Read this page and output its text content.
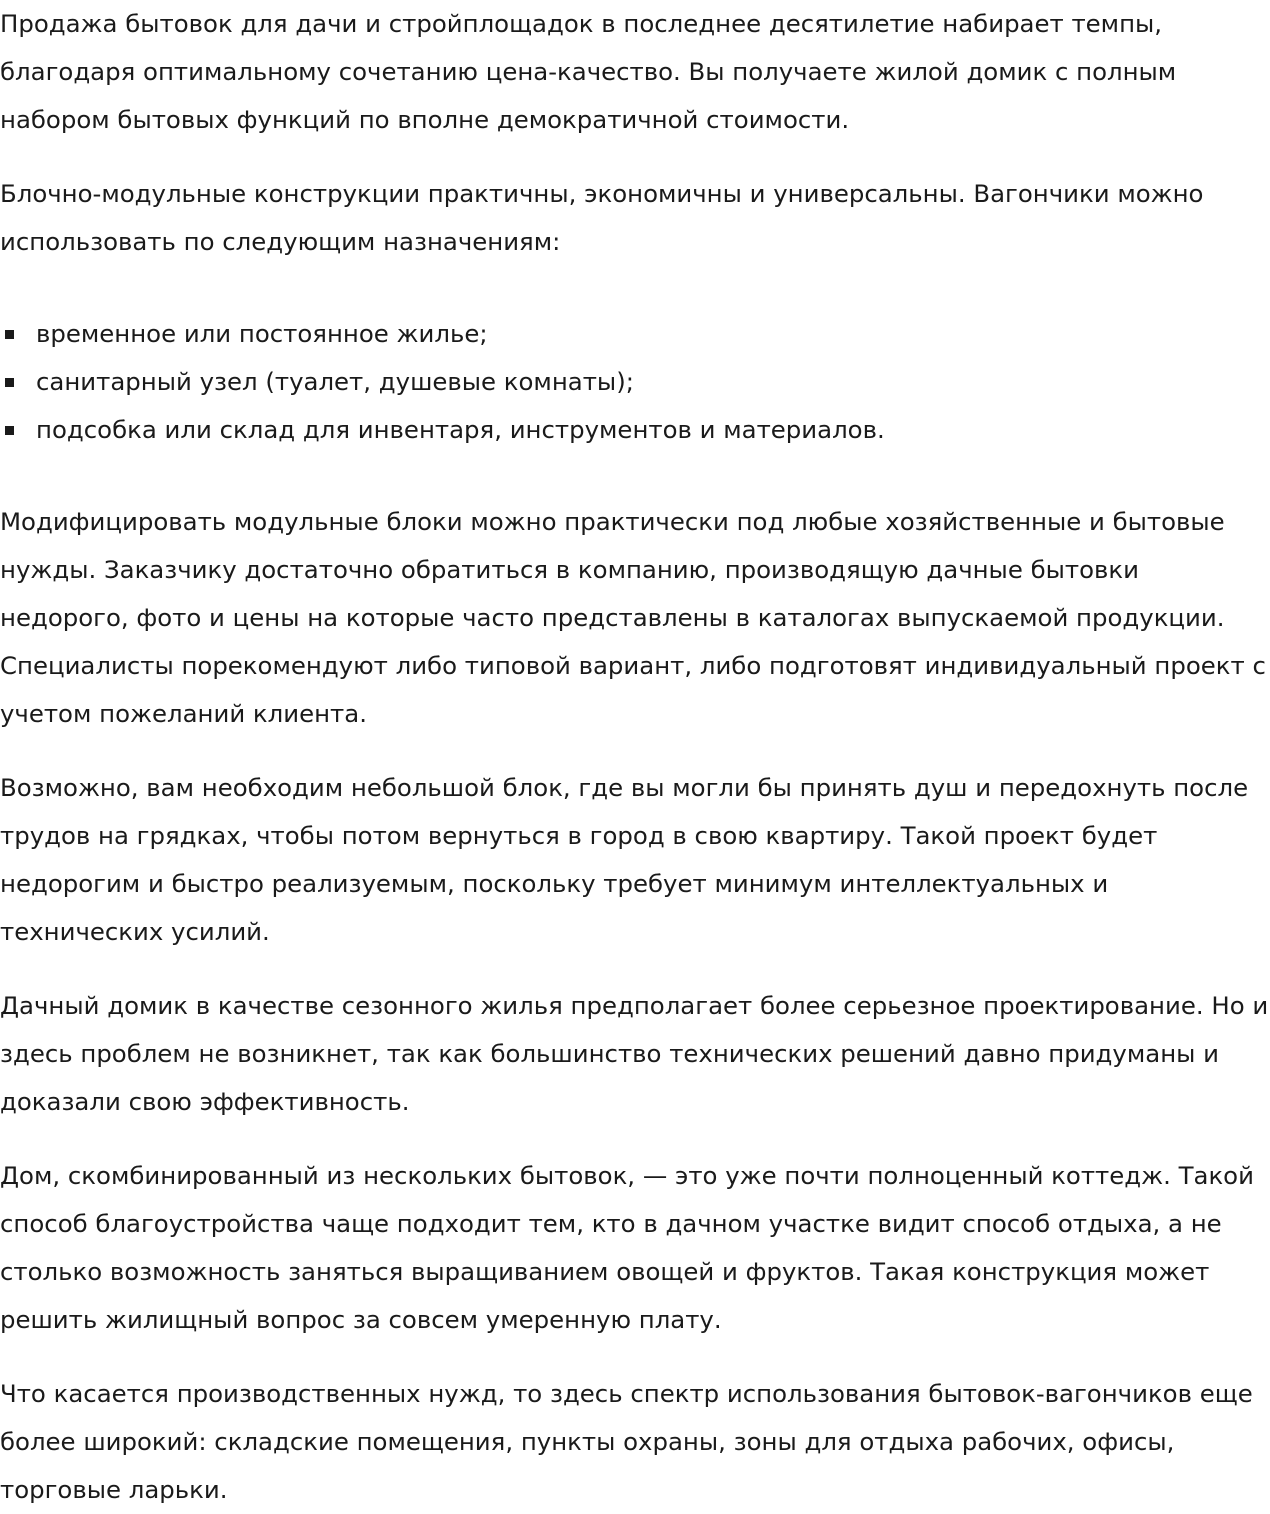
Продажа бытовок для дачи и стройплощадок в последнее десятилетие набирает темпы, благодаря оптимальному сочетанию цена-качество. Вы получаете жилой домик с полным набором бытовых функций по вполне демократичной стоимости.

Блочно-модульные конструкции практичны, экономичны и универсальны. Вагончики можно использовать по следующим назначениям:

временное или постоянное жилье;
санитарный узел (туалет, душевые комнаты);
подсобка или склад для инвентаря, инструментов и материалов.

Модифицировать модульные блоки можно практически под любые хозяйственные и бытовые нужды. Заказчику достаточно обратиться в компанию, производящую дачные бытовки недорого, фото и цены на которые часто представлены в каталогах выпускаемой продукции. Специалисты порекомендуют либо типовой вариант, либо подготовят индивидуальный проект с учетом пожеланий клиента.

Возможно, вам необходим небольшой блок, где вы могли бы принять душ и передохнуть после трудов на грядках, чтобы потом вернуться в город в свою квартиру. Такой проект будет недорогим и быстро реализуемым, поскольку требует минимум интеллектуальных и технических усилий.

Дачный домик в качестве сезонного жилья предполагает более серьезное проектирование. Но и здесь проблем не возникнет, так как большинство технических решений давно придуманы и доказали свою эффективность.

Дом, скомбинированный из нескольких бытовок, — это уже почти полноценный коттедж. Такой способ благоустройства чаще подходит тем, кто в дачном участке видит способ отдыха, а не столько возможность заняться выращиванием овощей и фруктов. Такая конструкция может решить жилищный вопрос за совсем умеренную плату.

Что касается производственных нужд, то здесь спектр использования бытовок-вагончиков еще более широкий: складские помещения, пункты охраны, зоны для отдыха рабочих, офисы, торговые ларьки.
